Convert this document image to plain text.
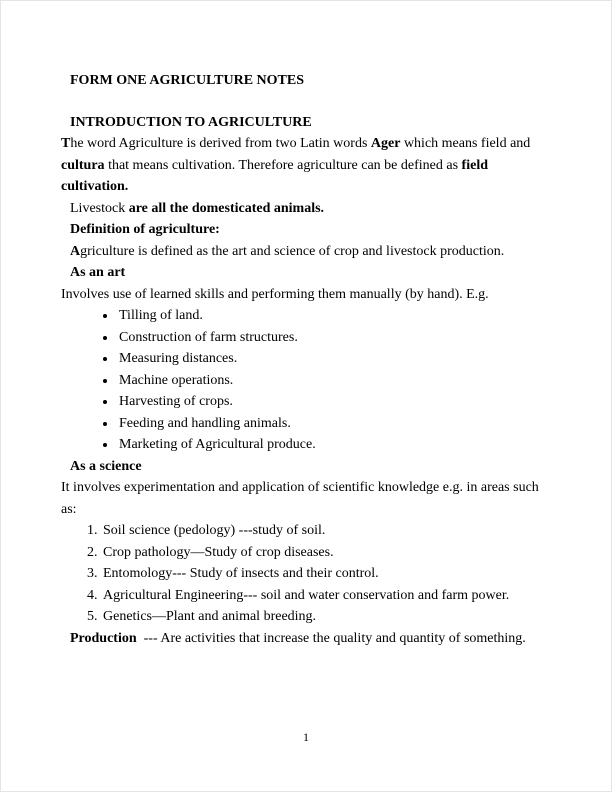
FORM ONE AGRICULTURE NOTES
INTRODUCTION TO AGRICULTURE

The word Agriculture is derived from two Latin words Ager which means field and cultura that means cultivation. Therefore agriculture can be defined as field cultivation.

Livestock are all the domesticated animals.

Definition of agriculture:

Agriculture is defined as the art and science of crop and livestock production.

As an art

Involves use of learned skills and performing them manually (by hand). E.g.

• Tilling of land.
• Construction of farm structures.
• Measuring distances.
• Machine operations.
• Harvesting of crops.
• Feeding and handling animals.
• Marketing of Agricultural produce.

As a science

It involves experimentation and application of scientific knowledge e.g. in areas such as:

1. Soil science (pedology) ---study of soil.
2. Crop pathology—Study of crop diseases.
3. Entomology--- Study of insects and their control.
4. Agricultural Engineering--- soil and water conservation and farm power.
5. Genetics—Plant and animal breeding.

Production  --- Are activities that increase the quality and quantity of something.

1
